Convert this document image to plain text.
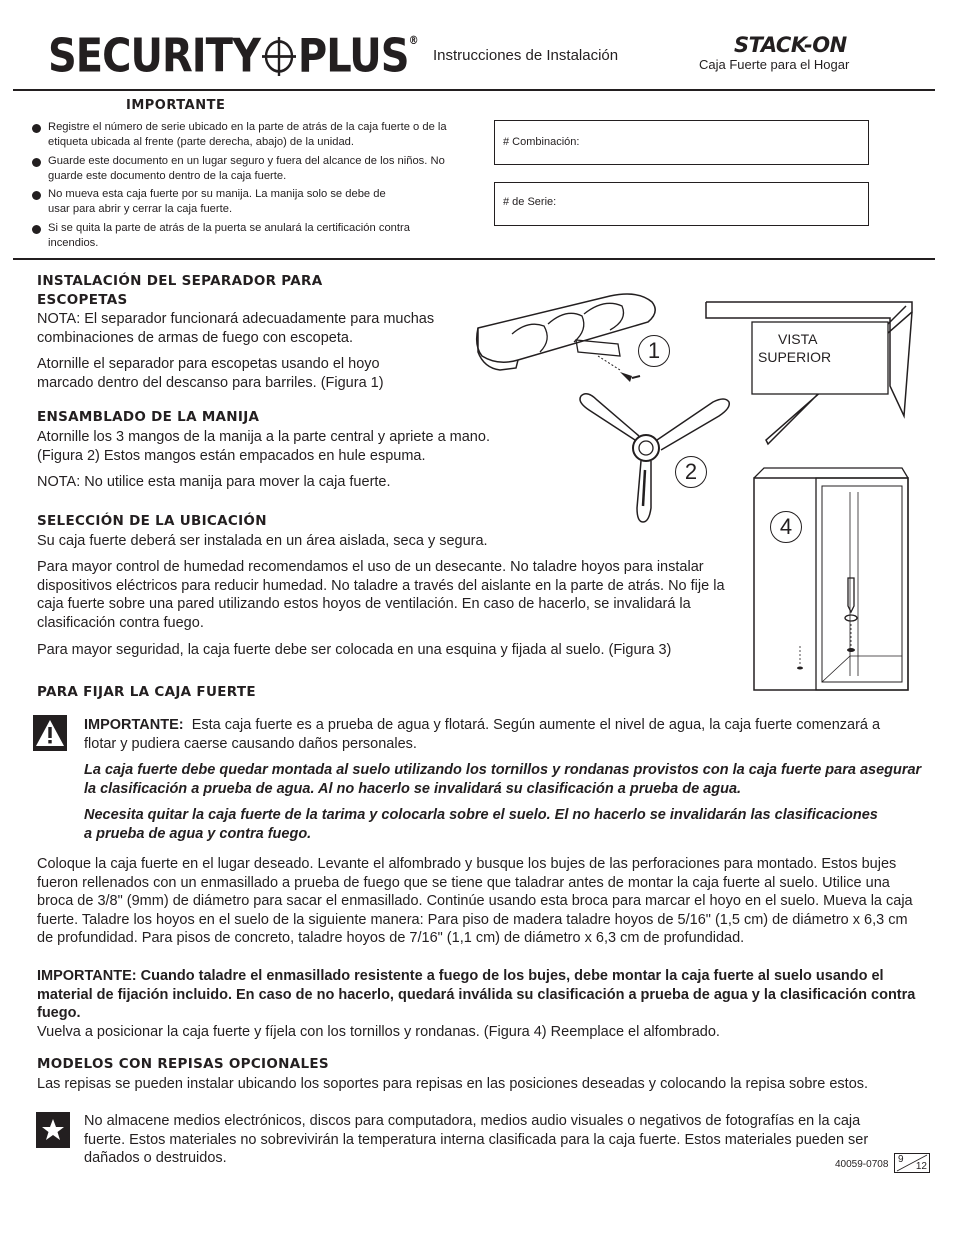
SECURITY PLUS®
Instrucciones de Instalación	STACK-ON
Caja Fuerte para el Hogar
IMPORTANTE
Registre el número de serie ubicado en la parte de atrás de la caja fuerte o de la etiqueta ubicada al frente (parte derecha, abajo) de la unidad.
Guarde este documento en un lugar seguro y fuera del alcance de los niños. No guarde este documento dentro de la caja fuerte.
No mueva esta caja fuerte por su manija. La manija solo se debe de usar para abrir y cerrar la caja fuerte.
Si se quita la parte de atrás de la puerta se anulará la certificación contra incendios.
# Combinación:
# de Serie:
INSTALACIÓN DEL SEPARADOR PARA ESCOPETAS
NOTA: El separador funcionará adecuadamente para muchas combinaciones de armas de fuego con escopeta.
Atornille el separador para escopetas usando el hoyo marcado dentro del descanso para barriles. (Figura 1)
ENSAMBLADO DE LA MANIJA
Atornille los 3 mangos de la manija a la parte central y apriete a mano. (Figura 2) Estos mangos están empacados en hule espuma.
NOTA: No utilice esta manija para mover la caja fuerte.
SELECCIÓN DE LA UBICACIÓN
Su caja fuerte deberá ser instalada en un área aislada, seca y segura.
Para mayor control de humedad recomendamos el uso de un desecante. No taladre hoyos para instalar dispositivos eléctricos para reducir humedad. No taladre a través del aislante en la parte de atrás. No fije la caja fuerte sobre una pared utilizando estos hoyos de ventilación. En caso de hacerlo, se invalidará la clasificación contra fuego.
Para mayor seguridad, la caja fuerte debe ser colocada en una esquina y fijada al suelo. (Figura 3)
1
2
VISTA
SUPERIOR
4
PARA FIJAR LA CAJA FUERTE
IMPORTANTE: Esta caja fuerte es a prueba de agua y flotará. Según aumente el nivel de agua, la caja fuerte comenzará a flotar y pudiera caerse causando daños personales.
La caja fuerte debe quedar montada al suelo utilizando los tornillos y rondanas provistos con la caja fuerte para asegurar la clasificación a prueba de agua. Al no hacerlo se invalidará su clasificación a prueba de agua.
Necesita quitar la caja fuerte de la tarima y colocarla sobre el suelo. El no hacerlo se invalidarán las clasificaciones a prueba de agua y contra fuego.
Coloque la caja fuerte en el lugar deseado. Levante el alfombrado y busque los bujes de las perforaciones para montado. Estos bujes fueron rellenados con un enmasillado a prueba de fuego que se tiene que taladrar antes de montar la caja fuerte al suelo. Utilice una broca de 3/8" (9mm) de diámetro para sacar el enmasillado. Continúe usando esta broca para marcar el hoyo en el suelo. Mueva la caja fuerte. Taladre los hoyos en el suelo de la siguiente manera: Para piso de madera taladre hoyos de 5/16" (1,5 cm) de diámetro x 6,3 cm de profundidad. Para pisos de concreto, taladre hoyos de 7/16" (1,1 cm) de diámetro x 6,3 cm de profundidad.
IMPORTANTE: Cuando taladre el enmasillado resistente a fuego de los bujes, debe montar la caja fuerte al suelo usando el material de fijación incluido. En caso de no hacerlo, quedará inválida su clasificación a prueba de agua y la clasificación contra fuego.
Vuelva a posicionar la caja fuerte y fíjela con los tornillos y rondanas. (Figura 4) Reemplace el alfombrado.
MODELOS CON REPISAS OPCIONALES
Las repisas se pueden instalar ubicando los soportes para repisas en las posiciones deseadas y colocando la repisa sobre estos.
No almacene medios electrónicos, discos para computadora, medios audio visuales o negativos de fotografías en la caja fuerte. Estos materiales no sobrevivirán la temperatura interna clasificada para la caja fuerte. Estos materiales pueden ser dañados o destruidos.	40059-0708 9
12
